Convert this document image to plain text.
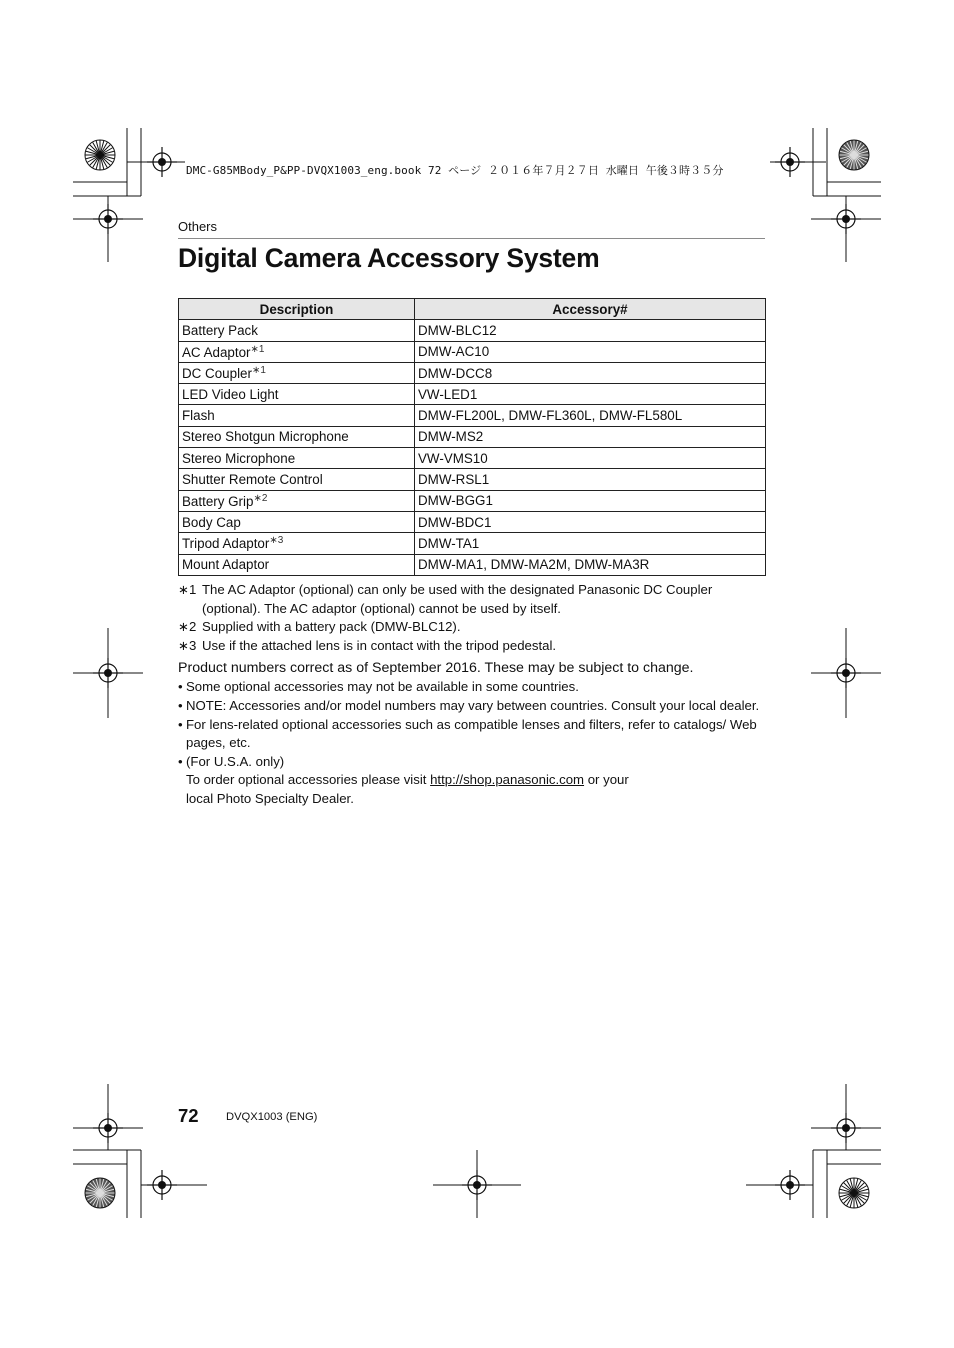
DMC-G85MBody_P&PP-DVQX1003_eng.book 72 ページ ２０１６年７月２７日 水曜日 午後３時３５分
Others
Digital Camera Accessory System
Description	Accessory#
Battery Pack	DMW-BLC12
AC Adaptor$^{∗1}$	DMW-AC10
DC Coupler$^{∗1}$	DMW-DCC8
LED Video Light	VW-LED1
Flash	DMW-FL200L, DMW-FL360L, DMW-FL580L
Stereo Shotgun Microphone	DMW-MS2
Stereo Microphone	VW-VMS10
Shutter Remote Control	DMW-RSL1
Battery Grip$^{∗2}$	DMW-BGG1
Body Cap	DMW-BDC1
Tripod Adaptor$^{∗3}$	DMW-TA1
Mount Adaptor	DMW-MA1, DMW-MA2M, DMW-MA3R
∗1 The AC Adaptor (optional) can only be used with the designated Panasonic DC Coupler (optional). The AC adaptor (optional) cannot be used by itself.
∗2 Supplied with a battery pack (DMW-BLC12).
∗3 Use if the attached lens is in contact with the tripod pedestal.
Product numbers correct as of September 2016. These may be subject to change.
• Some optional accessories may not be available in some countries.
• NOTE: Accessories and/or model numbers may vary between countries. Consult your local dealer.
• For lens-related optional accessories such as compatible lenses and filters, refer to catalogs/ Web pages, etc.
• (For U.S.A. only)
To order optional accessories please visit http://shop.panasonic.com or your
local Photo Specialty Dealer.
72 DVQX1003 (ENG)
